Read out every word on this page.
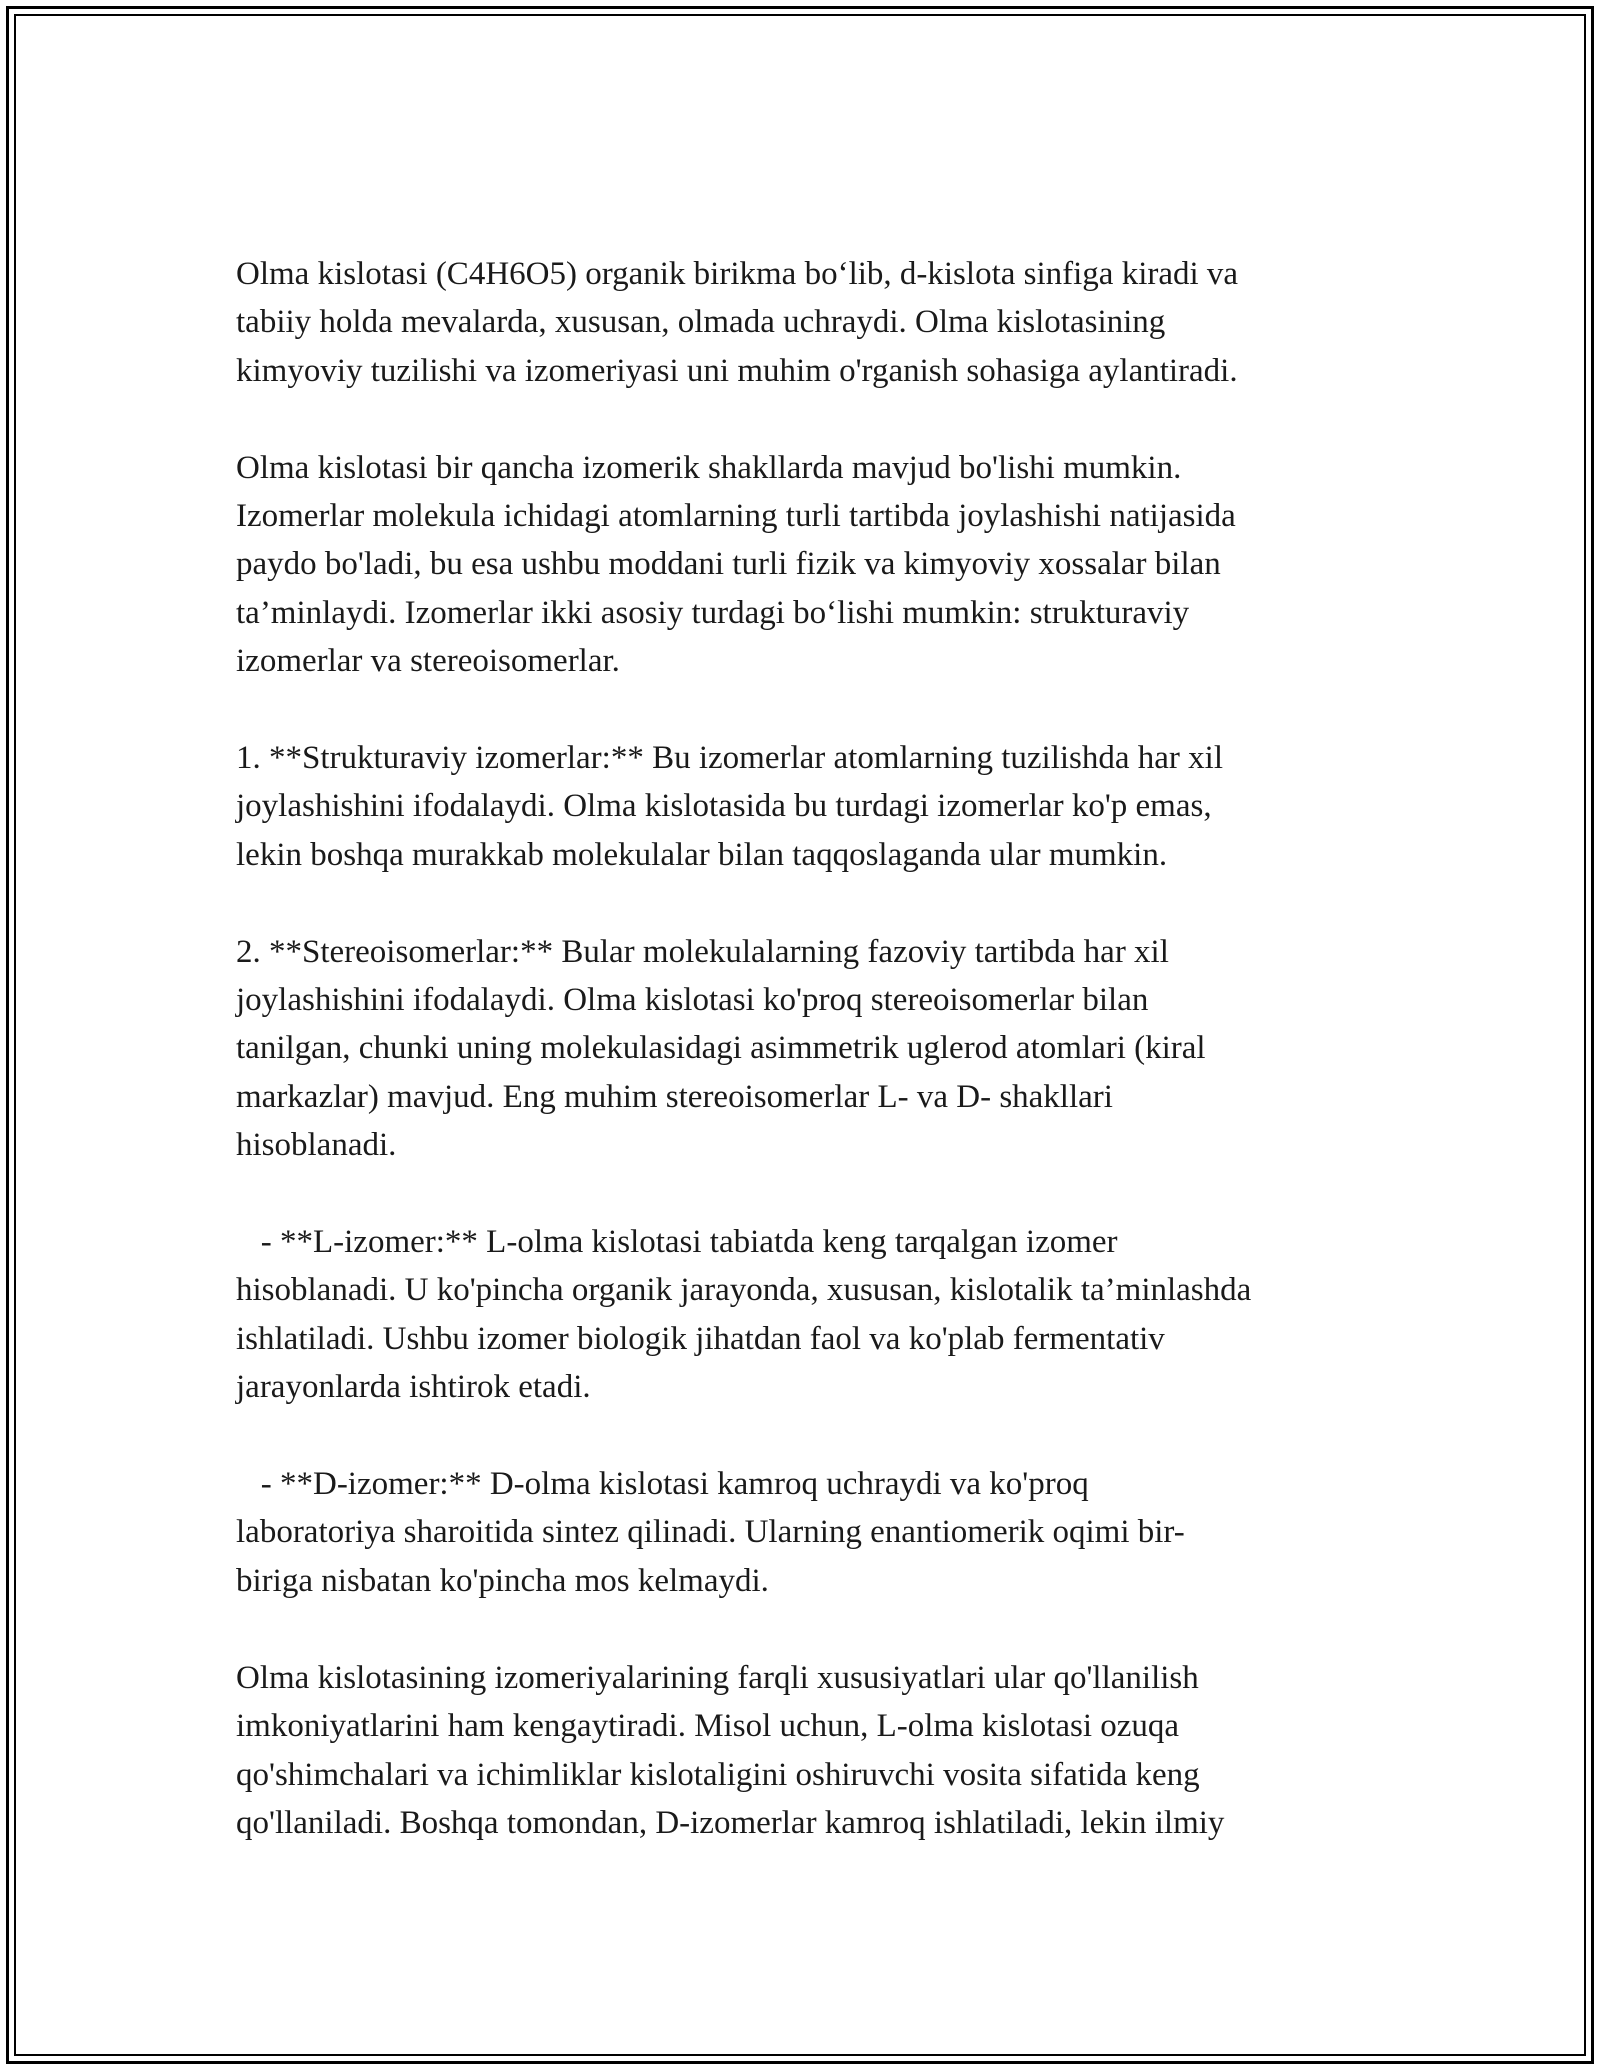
Olma kislotasi (C4H6O5) organik birikma bo‘lib, d-kislota sinfiga kiradi va
tabiiy holda mevalarda, xususan, olmada uchraydi. Olma kislotasining
kimyoviy tuzilishi va izomeriyasi uni muhim o'rganish sohasiga aylantiradi.

Olma kislotasi bir qancha izomerik shakllarda mavjud bo'lishi mumkin.
Izomerlar molekula ichidagi atomlarning turli tartibda joylashishi natijasida
paydo bo'ladi, bu esa ushbu moddani turli fizik va kimyoviy xossalar bilan
ta’minlaydi. Izomerlar ikki asosiy turdagi bo‘lishi mumkin: strukturaviy
izomerlar va stereoisomerlar.

1. **Strukturaviy izomerlar:** Bu izomerlar atomlarning tuzilishda har xil
joylashishini ifodalaydi. Olma kislotasida bu turdagi izomerlar ko'p emas,
lekin boshqa murakkab molekulalar bilan taqqoslaganda ular mumkin.

2. **Stereoisomerlar:** Bular molekulalarning fazoviy tartibda har xil
joylashishini ifodalaydi. Olma kislotasi ko'proq stereoisomerlar bilan
tanilgan, chunki uning molekulasidagi asimmetrik uglerod atomlari (kiral
markazlar) mavjud. Eng muhim stereoisomerlar L- va D- shakllari
hisoblanadi.

- **L-izomer:** L-olma kislotasi tabiatda keng tarqalgan izomer
hisoblanadi. U ko'pincha organik jarayonda, xususan, kislotalik ta’minlashda
ishlatiladi. Ushbu izomer biologik jihatdan faol va ko'plab fermentativ
jarayonlarda ishtirok etadi.

- **D-izomer:** D-olma kislotasi kamroq uchraydi va ko'proq
laboratoriya sharoitida sintez qilinadi. Ularning enantiomerik oqimi bir-
biriga nisbatan ko'pincha mos kelmaydi.

Olma kislotasining izomeriyalarining farqli xususiyatlari ular qo'llanilish
imkoniyatlarini ham kengaytiradi. Misol uchun, L-olma kislotasi ozuqa
qo'shimchalari va ichimliklar kislotaligini oshiruvchi vosita sifatida keng
qo'llaniladi. Boshqa tomondan, D-izomerlar kamroq ishlatiladi, lekin ilmiy
